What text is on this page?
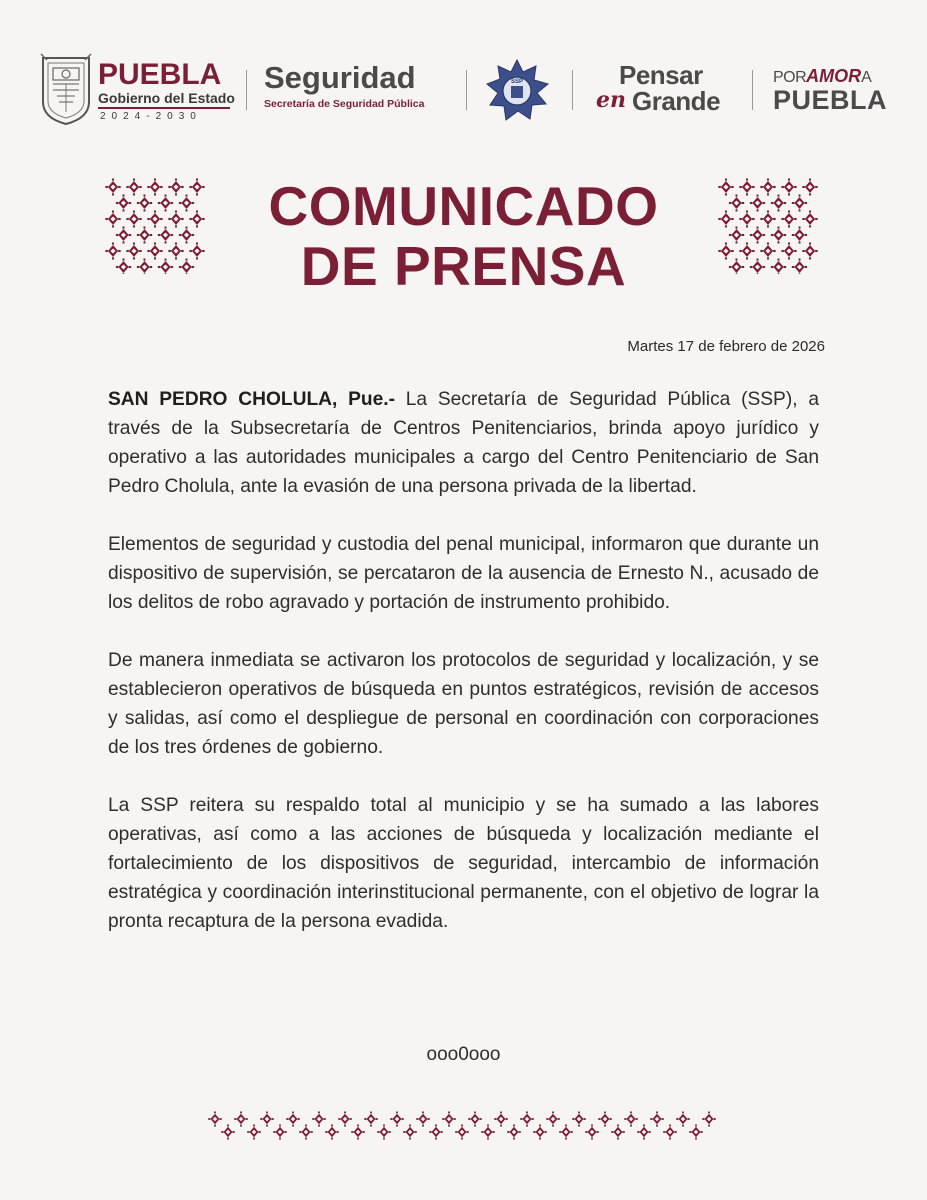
PUEBLA
Gobierno del Estado
2024-2030
Seguridad
Secretaría de Seguridad Pública
SSP	Pensar
en Grande
PORAMORA
PUEBLA
COMUNICADO
DE PRENSA
Martes 17 de febrero de 2026

SAN PEDRO CHOLULA, Pue.- La Secretaría de Seguridad Pública (SSP), a través de la Subsecretaría de Centros Penitenciarios, brinda apoyo jurídico y operativo a las autoridades municipales a cargo del Centro Penitenciario de San Pedro Cholula, ante la evasión de una persona privada de la libertad.

Elementos de seguridad y custodia del penal municipal, informaron que durante un dispositivo de supervisión, se percataron de la ausencia de Ernesto N., acusado de los delitos de robo agravado y portación de instrumento prohibido.

De manera inmediata se activaron los protocolos de seguridad y localización, y se establecieron operativos de búsqueda en puntos estratégicos, revisión de accesos y salidas, así como el despliegue de personal en coordinación con corporaciones de los tres órdenes de gobierno.

La SSP reitera su respaldo total al municipio y se ha sumado a las labores operativas, así como a las acciones de búsqueda y localización mediante el fortalecimiento de los dispositivos de seguridad, intercambio de información estratégica y coordinación interinstitucional permanente, con el objetivo de lograr la pronta recaptura de la persona evadida.

ooo0ooo
